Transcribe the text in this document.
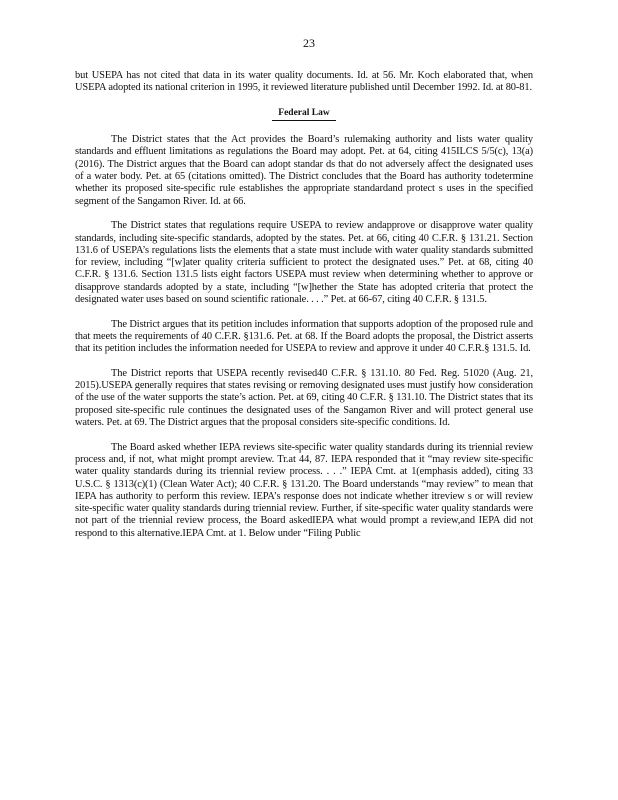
23

but USEPA has not cited that data in its water quality documents. Id. at 56. Mr. Koch elaborated that, when USEPA adopted its national criterion in 1995, it reviewed literature published until December 1992. Id. at 80-81.

Federal Law

The District states that the Act provides the Board’s rulemaking authority and lists water quality standards and effluent limitations as regulations the Board may adopt. Pet. at 64, citing 415ILCS 5/5(c), 13(a) (2016). The District argues that the Board can adopt standar ds that do not adversely affect the designated uses of a water body. Pet. at 65 (citations omitted). The District concludes that the Board has authority todetermine whether its proposed site-specific rule establishes the appropriate standardand protect s uses in the specified segment of the Sangamon River. Id. at 66.

The District states that regulations require USEPA to review andapprove or disapprove water quality standards, including site-specific standards, adopted by the states. Pet. at 66, citing 40 C.F.R. § 131.21. Section 131.6 of USEPA’s regulations lists the elements that a state must include with water quality standards submitted for review, including “[w]ater quality criteria sufficient to protect the designated uses.” Pet. at 68, citing 40 C.F.R. § 131.6. Section 131.5 lists eight factors USEPA must review when determining whether to approve or disapprove standards adopted by a state, including “[w]hether the State has adopted criteria that protect the designated water uses based on sound scientific rationale. . . .” Pet. at 66-67, citing 40 C.F.R. § 131.5.

The District argues that its petition includes information that supports adoption of the proposed rule and that meets the requirements of 40 C.F.R. §131.6. Pet. at 68. If the Board adopts the proposal, the District asserts that its petition includes the information needed for USEPA to review and approve it under 40 C.F.R.§ 131.5. Id.

The District reports that USEPA recently revised40 C.F.R. § 131.10. 80 Fed. Reg. 51020 (Aug. 21, 2015).USEPA generally requires that states revising or removing designated uses must justify how consideration of the use of the water supports the state’s action. Pet. at 69, citing 40 C.F.R. § 131.10. The District states that its proposed site-specific rule continues the designated uses of the Sangamon River and will protect general use waters. Pet. at 69. The District argues that the proposal considers site-specific conditions. Id.

The Board asked whether IEPA reviews site-specific water quality standards during its triennial review process and, if not, what might prompt areview. Tr.at 44, 87. IEPA responded that it “may review site-specific water quality standards during its triennial review process. . . .” IEPA Cmt. at 1(emphasis added), citing 33 U.S.C. § 1313(c)(1) (Clean Water Act); 40 C.F.R. § 131.20. The Board understands “may review” to mean that IEPA has authority to perform this review. IEPA’s response does not indicate whether itreview s or will review site-specific water quality standards during triennial review. Further, if site-specific water quality standards were not part of the triennial review process, the Board askedIEPA what would prompt a review,and IEPA did not respond to this alternative.IEPA Cmt. at 1. Below under “Filing Public
